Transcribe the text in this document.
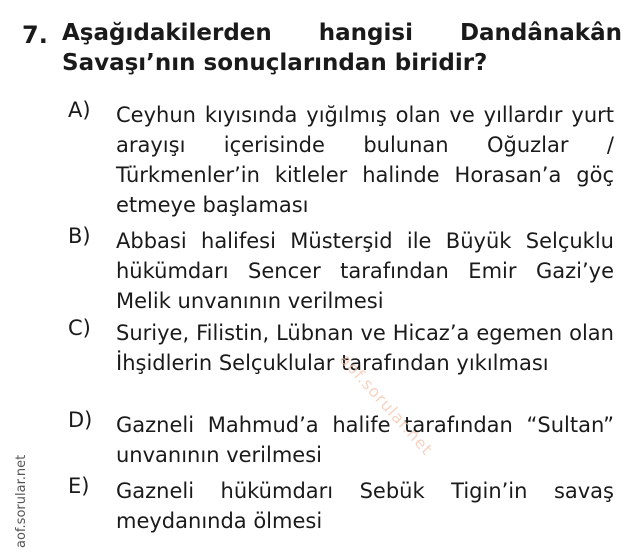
7. Aşağıdakilerden hangisi Dandânakân
Savaşı’nın sonuçlarından biridir?
A) Ceyhun kıyısında yığılmış olan ve yıllardır yurt arayışı içerisinde bulunan Oğuzlar / Türkmenler’in kitleler halinde Horasan’a göç etmeye başlaması
B) Abbasi halifesi Müsterşid ile Büyük Selçuklu hükümdarı Sencer tarafından Emir Gazi’ye Melik unvanının verilmesi
C) Suriye, Filistin, Lübnan ve Hicaz’a egemen olan İhşidlerin Selçuklular tarafından yıkılması
D) Gazneli Mahmud’a halife tarafından “Sultan” unvanının verilmesi
E) Gazneli hükümdarı Sebük Tigin’in savaş meydanında ölmesi
aof.sorular.net
aof.sorular.net
